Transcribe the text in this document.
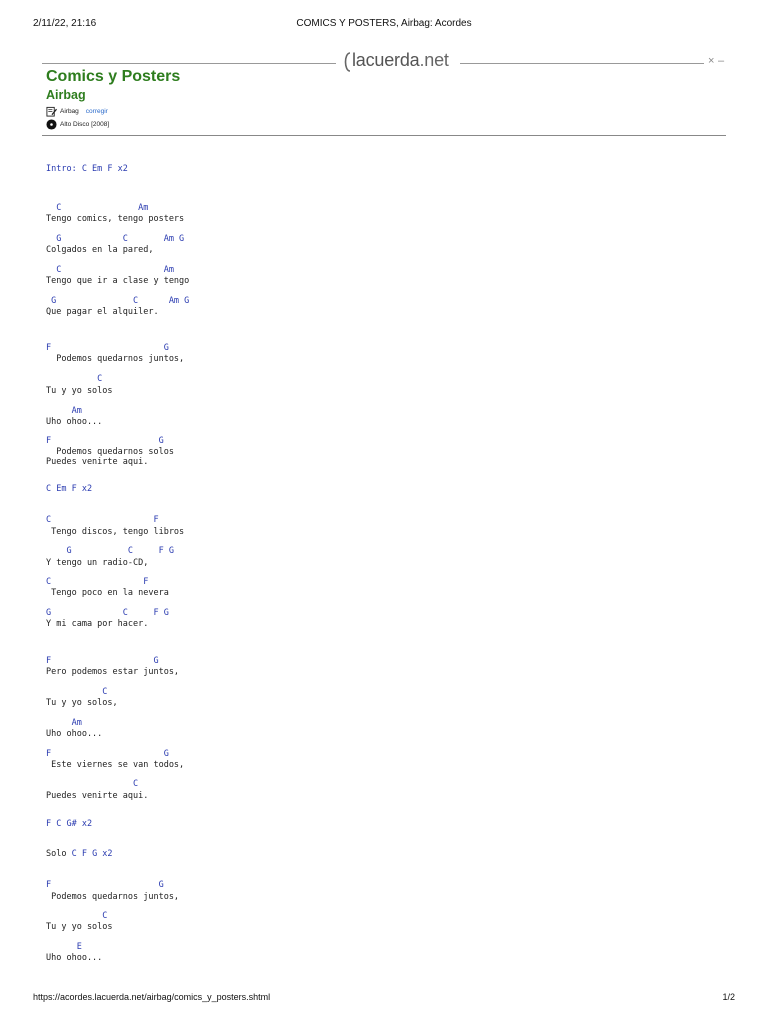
2/11/22, 21:16	COMICS Y POSTERS, Airbag: Acordes
lacuerda.net	× –
Comics y Posters
Airbag
Airbag corregir
Alto Disco [2008]
Intro: C Em F x2
C               Am
Tengo comics, tengo posters
G            C       Am G
Colgados en la pared,
C                    Am
Tengo que ir a clase y tengo
G               C      Am G
Que pagar el alquiler.
F                      G
Podemos quedarnos juntos,
C
Tu y yo solos
Am
Uho ohoo...
F                     G
Podemos quedarnos solos
Puedes venirte aqui.
C Em F x2
C                    F
Tengo discos, tengo libros
G           C     F G
Y tengo un radio-CD,
C                  F
Tengo poco en la nevera
G              C     F G
Y mi cama por hacer.
F                    G
Pero podemos estar juntos,
C
Tu y yo solos,
Am
Uho ohoo...
F                      G
Este viernes se van todos,
C
Puedes venirte aqui.
F C G# x2
Solo C F G x2
F                     G
Podemos quedarnos juntos,
C
Tu y yo solos
E
Uho ohoo...
https://acordes.lacuerda.net/airbag/comics_y_posters.shtml	1/2
